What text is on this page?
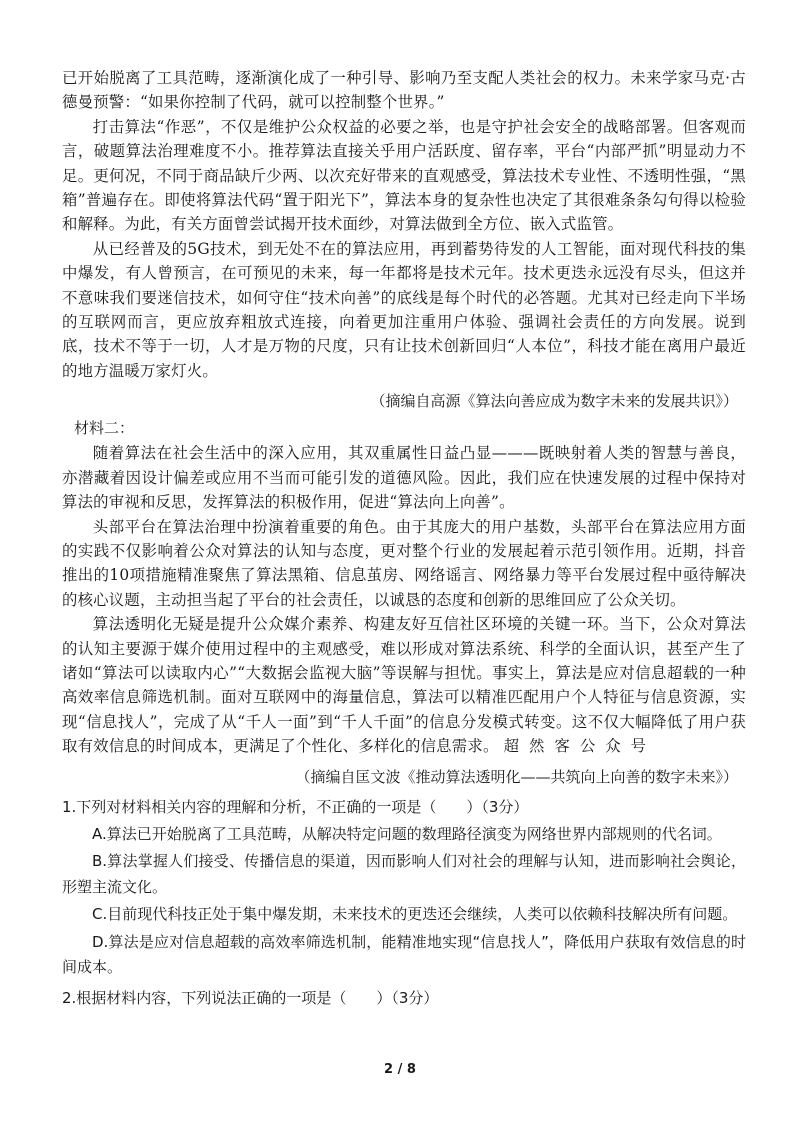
已开始脱离了工具范畴，逐渐演化成了一种引导、影响乃至支配人类社会的权力。未来学家马克·古德曼预警：“如果你控制了代码，就可以控制整个世界。”

打击算法“作恶”，不仅是维护公众权益的必要之举，也是守护社会安全的战略部署。但客观而言，破题算法治理难度不小。推荐算法直接关乎用户活跃度、留存率，平台“内部严抓”明显动力不足。更何况，不同于商品缺斤少两、以次充好带来的直观感受，算法技术专业性、不透明性强，“黑箱”普遍存在。即使将算法代码“置于阳光下”，算法本身的复杂性也决定了其很难条条勾句得以检验和解释。为此，有关方面曾尝试揭开技术面纱，对算法做到全方位、嵌入式监管。

从已经普及的5G技术，到无处不在的算法应用，再到蓄势待发的人工智能，面对现代科技的集中爆发，有人曾预言，在可预见的未来，每一年都将是技术元年。技术更迭永远没有尽头，但这并不意味我们要迷信技术，如何守住“技术向善”的底线是每个时代的必答题。尤其对已经走向下半场的互联网而言，更应放弃粗放式连接，向着更加注重用户体验、强调社会责任的方向发展。说到底，技术不等于一切，人才是万物的尺度，只有让技术创新回归“人本位”，科技才能在离用户最近的地方温暖万家灯火。

（摘编自高源《算法向善应成为数字未来的发展共识》）

材料二：

随着算法在社会生活中的深入应用，其双重属性日益凸显———既映射着人类的智慧与善良，亦潜藏着因设计偏差或应用不当而可能引发的道德风险。因此，我们应在快速发展的过程中保持对算法的审视和反思，发挥算法的积极作用，促进“算法向上向善”。

头部平台在算法治理中扮演着重要的角色。由于其庞大的用户基数，头部平台在算法应用方面的实践不仅影响着公众对算法的认知与态度，更对整个行业的发展起着示范引领作用。近期，抖音推出的10项措施精准聚焦了算法黑箱、信息茧房、网络谣言、网络暴力等平台发展过程中亟待解决的核心议题，主动担当起了平台的社会责任，以诚恳的态度和创新的思维回应了公众关切。

算法透明化无疑是提升公众媒介素养、构建友好互信社区环境的关键一环。当下，公众对算法的认知主要源于媒介使用过程中的主观感受，难以形成对算法系统、科学的全面认识，甚至产生了诸如“算法可以读取内心”“大数据会监视大脑”等误解与担忧。事实上，算法是应对信息超载的一种高效率信息筛选机制。面对互联网中的海量信息，算法可以精准匹配用户个人特征与信息资源，实现“信息找人”，完成了从“千人一面”到“千人千面”的信息分发模式转变。这不仅大幅降低了用户获取有效信息的时间成本，更满足了个性化、多样化的信息需求。 超然客公众号

（摘编自匡文波《推动算法透明化——共筑向上向善的数字未来》）

1.下列对材料相关内容的理解和分析，不正确的一项是（　　）（3分）

A.算法已开始脱离了工具范畴，从解决特定问题的数理路径演变为网络世界内部规则的代名词。

B.算法掌握人们接受、传播信息的渠道，因而影响人们对社会的理解与认知，进而影响社会舆论，形塑主流文化。

C.目前现代科技正处于集中爆发期，未来技术的更迭还会继续，人类可以依赖科技解决所有问题。

D.算法是应对信息超载的高效率筛选机制，能精准地实现“信息找人”，降低用户获取有效信息的时间成本。

2.根据材料内容，下列说法正确的一项是（　　）（3分）

2 / 8
